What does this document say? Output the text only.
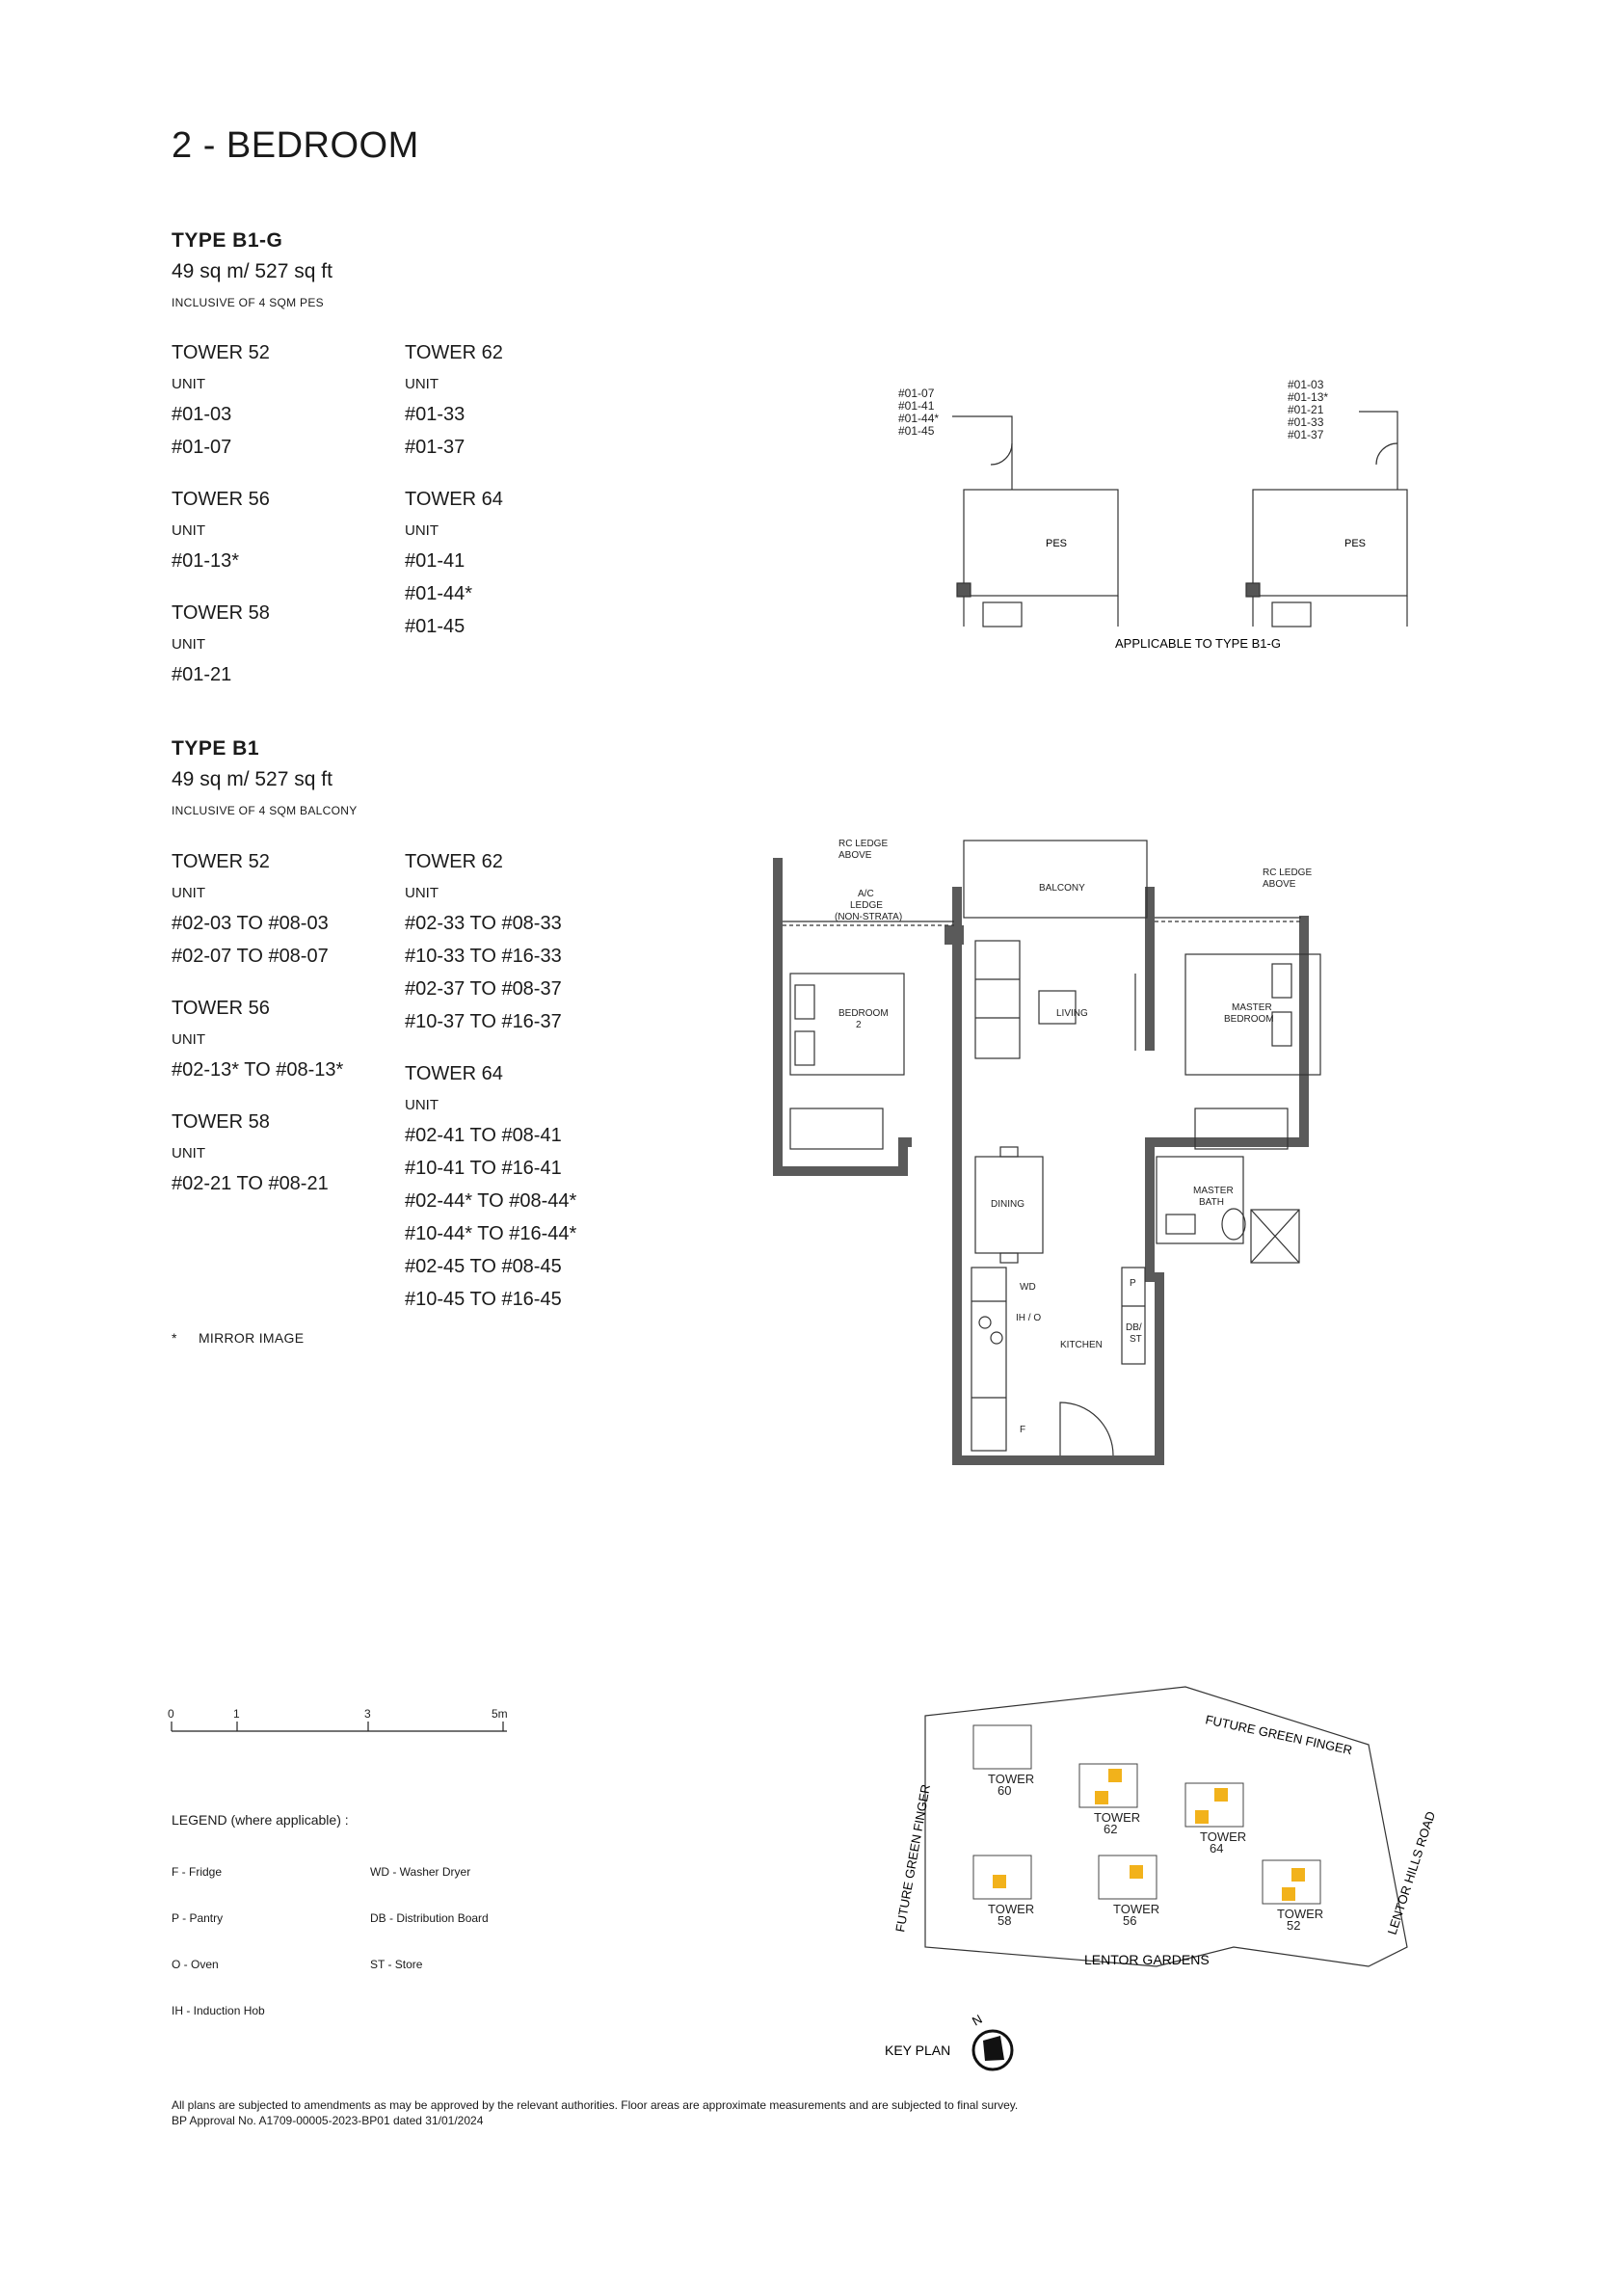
2 - BEDROOM
TYPE B1-G
49 sq m/ 527 sq ft
INCLUSIVE OF 4 SQM PES
TOWER 52
UNIT
#01-03
#01-07
TOWER 56
UNIT
#01-13*
TOWER 58
UNIT
#01-21
TOWER 62
UNIT
#01-33
#01-37
TOWER 64
UNIT
#01-41
#01-44*
#01-45
TYPE B1
49 sq m/ 527 sq ft
INCLUSIVE OF 4 SQM BALCONY
TOWER 52
UNIT
#02-03 TO #08-03
#02-07 TO #08-07
TOWER 56
UNIT
#02-13* TO #08-13*
TOWER 58
UNIT
#02-21 TO #08-21
TOWER 62
UNIT
#02-33 TO #08-33
#10-33 TO #16-33
#02-37 TO #08-37
#10-37 TO #16-37
TOWER 64
UNIT
#02-41 TO #08-41
#10-41 TO #16-41
#02-44* TO #08-44*
#10-44* TO #16-44*
#02-45 TO #08-45
#10-45 TO #16-45
* MIRROR IMAGE
#01-07
#01-41
#01-44*
#01-45
#01-03
#01-13*
#01-21
#01-33
#01-37
PES	PES
APPLICABLE TO TYPE B1-G
RC LEDGE
ABOVE
RC LEDGE
ABOVE
A/C
LEDGE
(NON-STRATA)
BALCONY
BEDROOM
2
LIVING
MASTER
BEDROOM
DINING
MASTER
BATH
WD
IH / O
KITCHEN
F
P
DB/
ST
0	1	3	5m
LEGEND (where applicable) :
F - Fridge
P - Pantry
O - Oven
IH - Induction Hob
WD - Washer Dryer
DB - Distribution Board
ST - Store
TOWER
60
TOWER
62
TOWER
64
TOWER
58
TOWER
56	TOWER
52
FUTURE GREEN FINGER
FUTURE GREEN FINGER	LENTOR HILLS ROAD
LENTOR GARDENS
KEY PLAN
N
All plans are subjected to amendments as may be approved by the relevant authorities. Floor areas are approximate measurements and are subjected to final survey.
BP Approval No. A1709-00005-2023-BP01 dated 31/01/2024
